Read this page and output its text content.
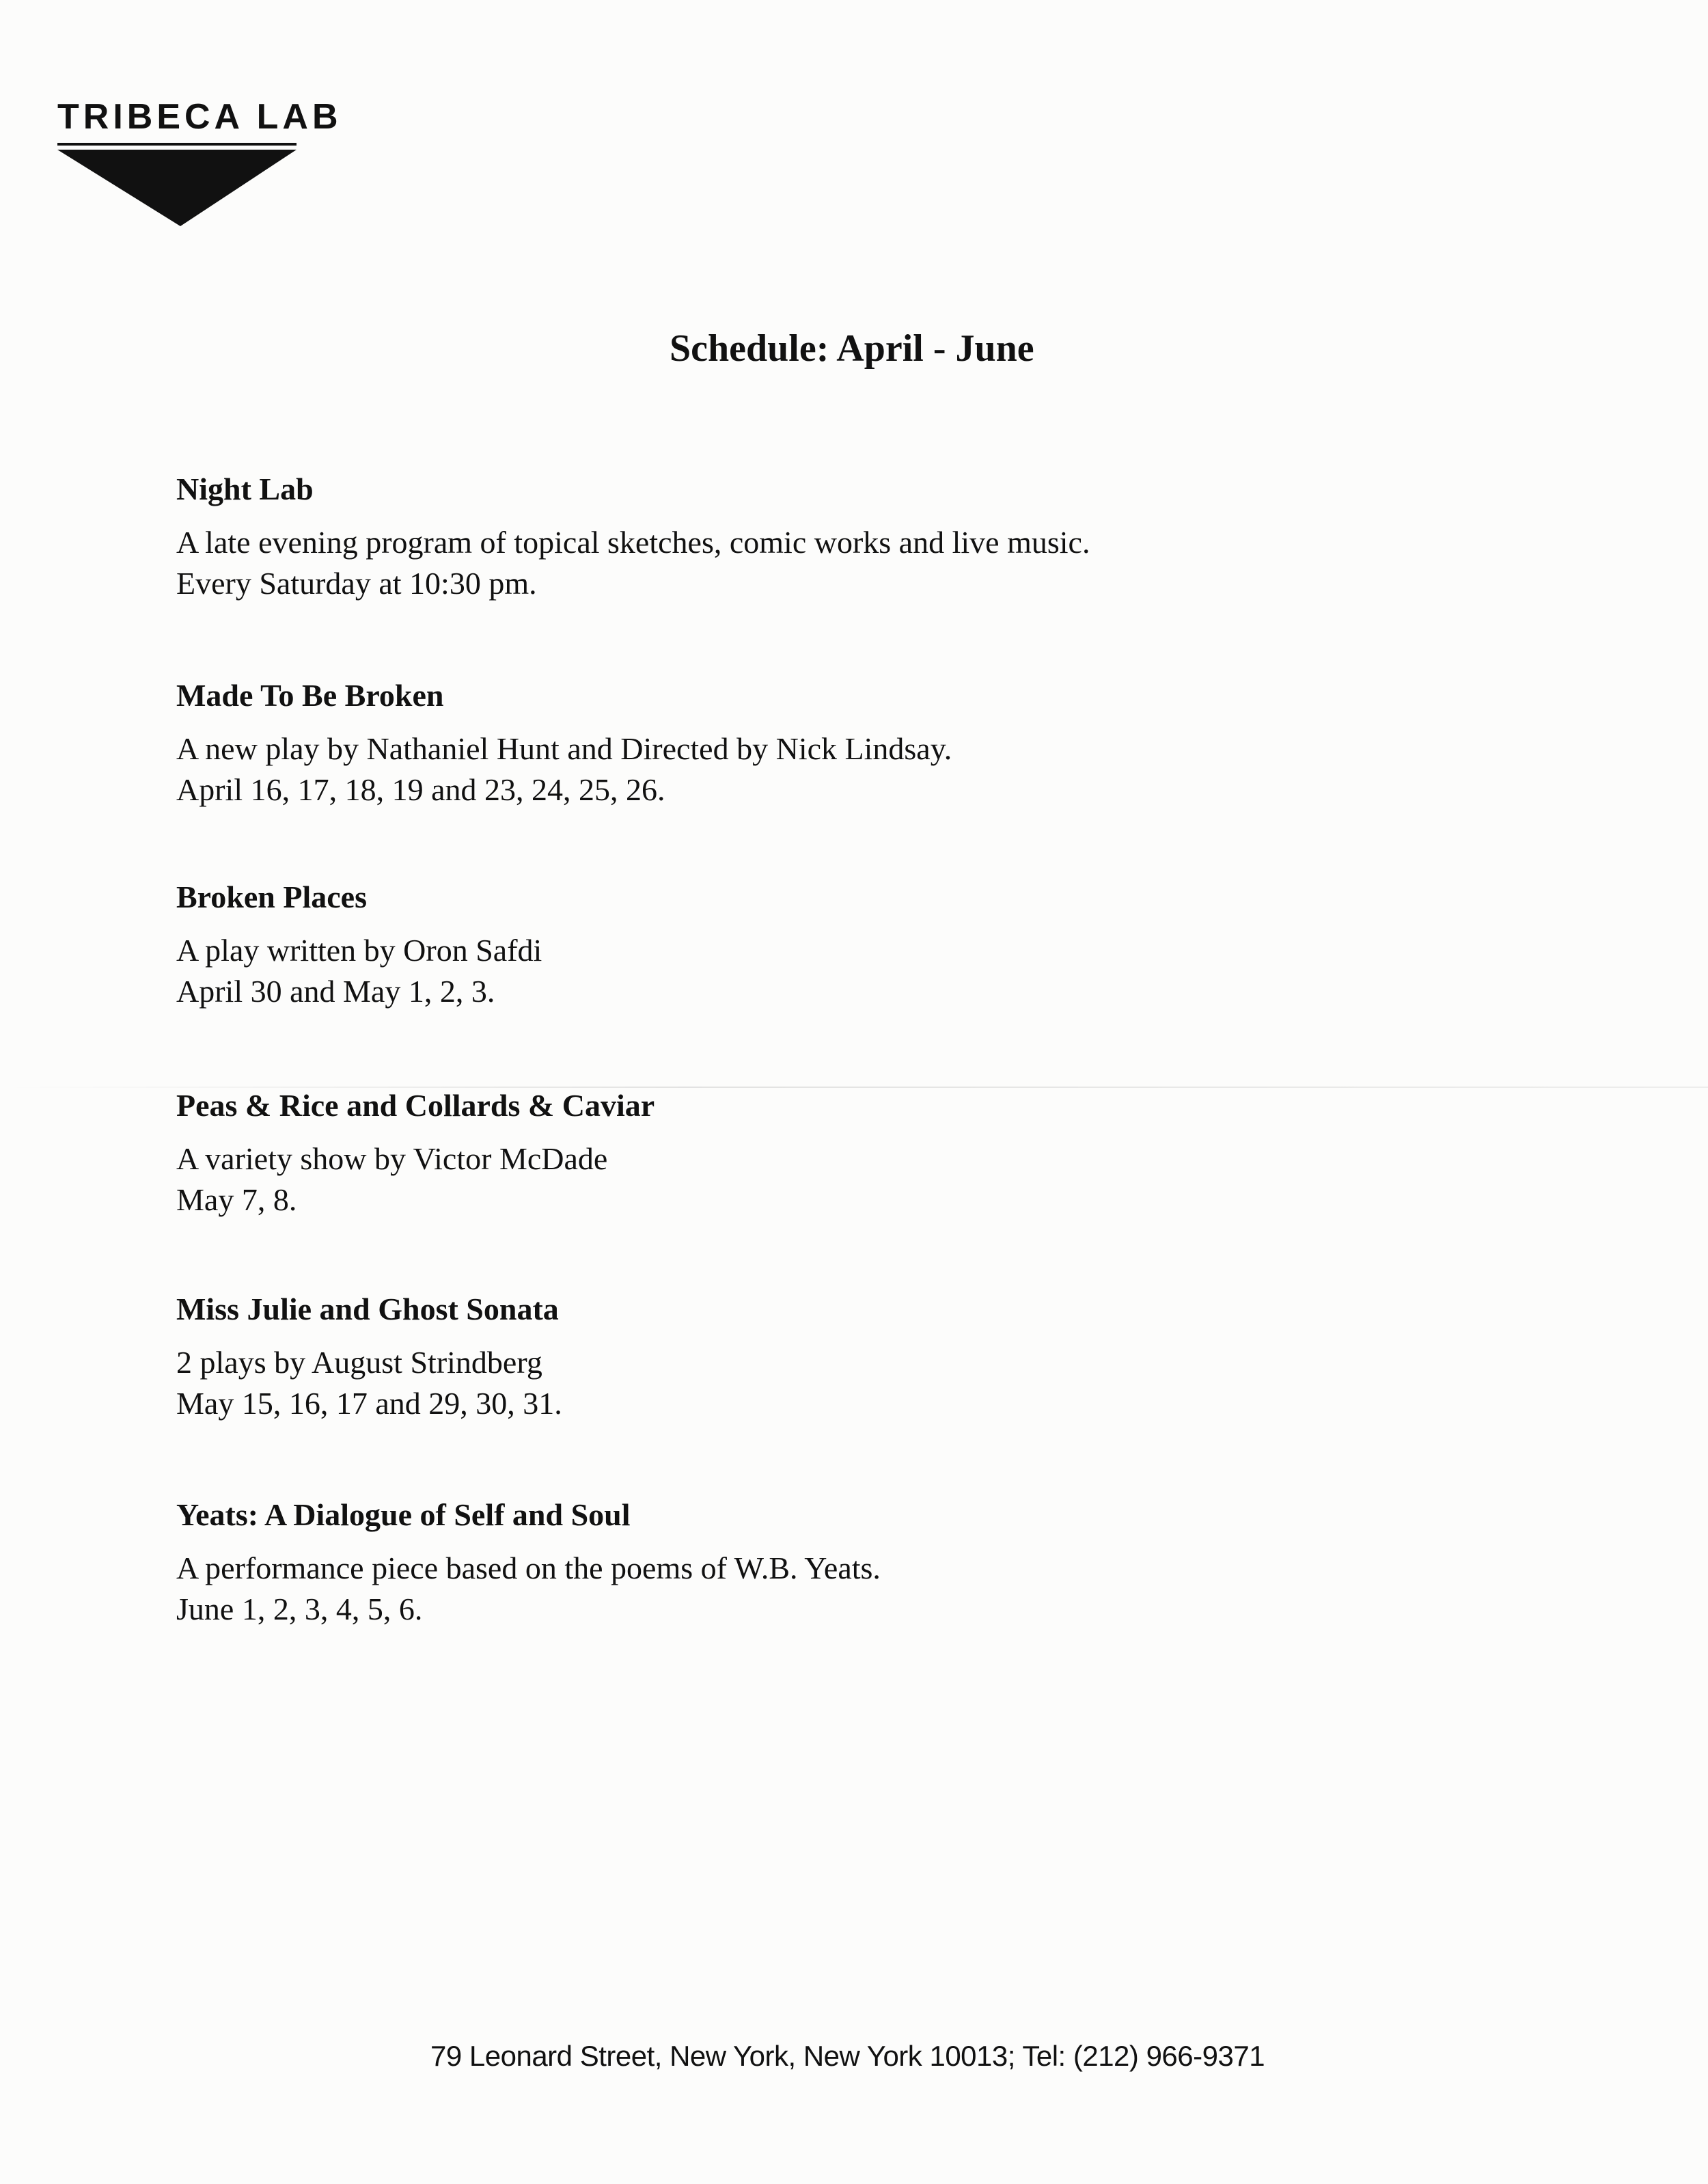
TRIBECA LAB
Schedule: April - June
Night Lab
A late evening program of topical sketches, comic works and live music.
Every Saturday at 10:30 pm.
Made To Be Broken
A new play by Nathaniel Hunt and Directed by Nick Lindsay.
April 16, 17, 18, 19 and 23, 24, 25, 26.
Broken Places
A play written by Oron Safdi
April 30 and May 1, 2, 3.
Peas & Rice and Collards & Caviar
A variety show by Victor McDade
May 7, 8.
Miss Julie and Ghost Sonata
2 plays by August Strindberg
May 15, 16, 17 and 29, 30, 31.
Yeats: A Dialogue of Self and Soul
A performance piece based on the poems of W.B. Yeats.
June 1, 2, 3, 4, 5, 6.
79 Leonard Street, New York, New York 10013; Tel: (212) 966-9371
